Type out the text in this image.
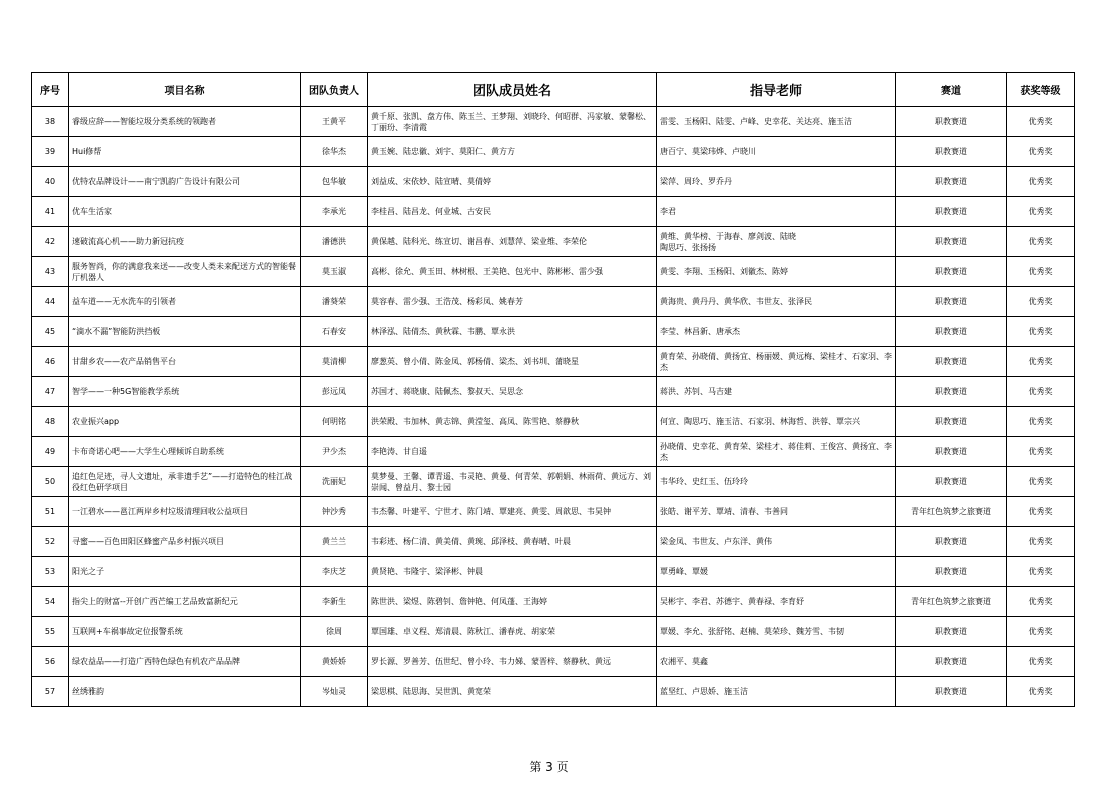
序号	项目名称	团队负责人	团队成员姓名	指导老师	赛道	获奖等级
38	睿级应辞——智能垃圾分类系统的领跑者	王黄平	黄千原、张凯、盘方伟、陈玉兰、王梦翔、刘晓玲、何昭群、冯家敏、蒙馨松、丁丽玢、李清霞	雷雯、玉杨阳、陆雯、卢峰、史幸花、关达亮、施玉洁	职教赛道	优秀奖
39	Hui修帮	徐华杰	黄玉婉、陆忠徽、刘宇、莫阳仁、黄方方	唐百宁、莫梁玮烨、卢晓川	职教赛道	优秀奖
40	优特农品牌设计——南宁凯韵广告设计有限公司	包华敏	刘益成、宋依妙、陆宣晴、莫倩婷	梁萍、周玲、罗乔丹	职教赛道	优秀奖
41	优车生活家	李承光	李桂昌、陆昌龙、何业城、古安民	李君	职教赛道	优秀奖
42	速破流高心机——助力新冠抗疫	潘德洪	黄保越、陆科光、练宣切、谢昌春、刘慧萍、梁业维、李荣伦	黄维、黄华榜、于海春、廖剑波、陆晓
陶思巧、张扬扬	职教赛道	优秀奖
43	服务智尚，你的满意我来送——改变人类未来配送方式的智能餐厅机器人	莫玉淑	高彬、徐允、黄玉田、林树根、王美艳、包光中、陈彬彬、雷少强	黄雯、李翔、玉杨阳、刘徽杰、陈婷	职教赛道	优秀奖
44	益车道——无水洗车的引领者	潘葵荣	莫容春、雷少强、王浩茂、杨彩凤、姚春芳	黄海贵、黄丹丹、黄华欣、韦世友、张泽民	职教赛道	优秀奖
45	“滴水不漏”智能防洪挡板	石春安	林泽泓、陆倩杰、黄秋霖、韦鹏、覃永洪	李莹、林昌新、唐承杰	职教赛道	优秀奖
46	甘甜乡农——农产品销售平台	莫清柳	廖葱英、曾小倩、陈金凤、郭杨倩、梁杰、刘书圳、蒲晓星	黄育荣、孙晓倩、黄扬宜、杨丽媛、黄远梅、梁桂才、石家羽、李杰	职教赛道	优秀奖
47	智学——一种5G智能教学系统	彭远凤	苏国才、蒋晓康、陆佩杰、黎叔天、吴思念	蒋洪、苏钊、马吉建	职教赛道	优秀奖
48	农业振兴app	何明铭	洪荣殿、韦加林、黄志锦、黄滢玺、高凤、陈雪艳、蔡静秋	何宣、陶思巧、施玉洁、石家羽、林海哲、洪蓉、覃宗兴	职教赛道	优秀奖
49	卡布奇诺心吧——大学生心理倾诉自助系统	尹少杰	李艳涛、甘自遥	孙晓倩、史幸花、黄育荣、梁桂才、蒋佳莉、王俊宫、黄扬宜、李杰	职教赛道	优秀奖
50	追红色足迹，寻人文遗址，承非遗手艺”——打造特色的桂江战役红色研学项目	洗丽妃	莫梦曼、王馨、谭青遥、韦灵艳、黄曼、何青荣、郭朝娟、林雨荷、黄远方、刘崇闻、曾益月、黎士园	韦华玲、史红玉、伍玲玲	职教赛道	优秀奖
51	一江碧水——邕江两岸乡村垃圾清理回收公益项目	钟沙秀	韦杰馨、叶建平、宁世才、陈门靖、覃建亮、黄雯、周歆思、韦昊钟	张皓、谢平芳、覃靖、清春、韦善同	青年红色筑梦之旅赛道	优秀奖
52	寻蜜——百色田阳区蜂蜜产品乡村振兴项目	黄兰兰	韦彩迹、杨仁清、黄美倩、黄琬、邱泽枝、黄春晴、叶晨	梁金凤、韦世友、卢东洋、黄伟	职教赛道	优秀奖
53	阳光之子	李庆芝	黄贤艳、韦隆宇、梁泽彬、钟晨	覃勇峰、覃媛	职教赛道	优秀奖
54	指尖上的财富--开创广西芒编工艺品致富新纪元	李新生	陈世洪、梁煜、陈碧钊、詹钟艳、何凤蓬、王海婷	吴彬宇、李君、苏德宇、黄春禄、李育妤	青年红色筑梦之旅赛道	优秀奖
55	互联网+车祸事故定位报警系统	徐周	覃国雄、卓义程、郑清晨、陈秋江、潘春虎、胡家荣	覃媛、李允、张舒铭、赵楠、莫荣珍、魏芳雪、韦韧	职教赛道	优秀奖
56	绿农益品——打造广西特色绿色有机农产品品牌	黄娇娇	罗长源、罗善芳、伍世纪、曾小玲、韦力娣、蒙晋梓、蔡静秋、黄远	农湘平、莫鑫	职教赛道	优秀奖
57	丝绣雅韵	岑灿灵	梁思棋、陆思海、吴世凯、黄宽荣	蓝坚红、卢思娇、施玉洁	职教赛道	优秀奖
第 3 页
